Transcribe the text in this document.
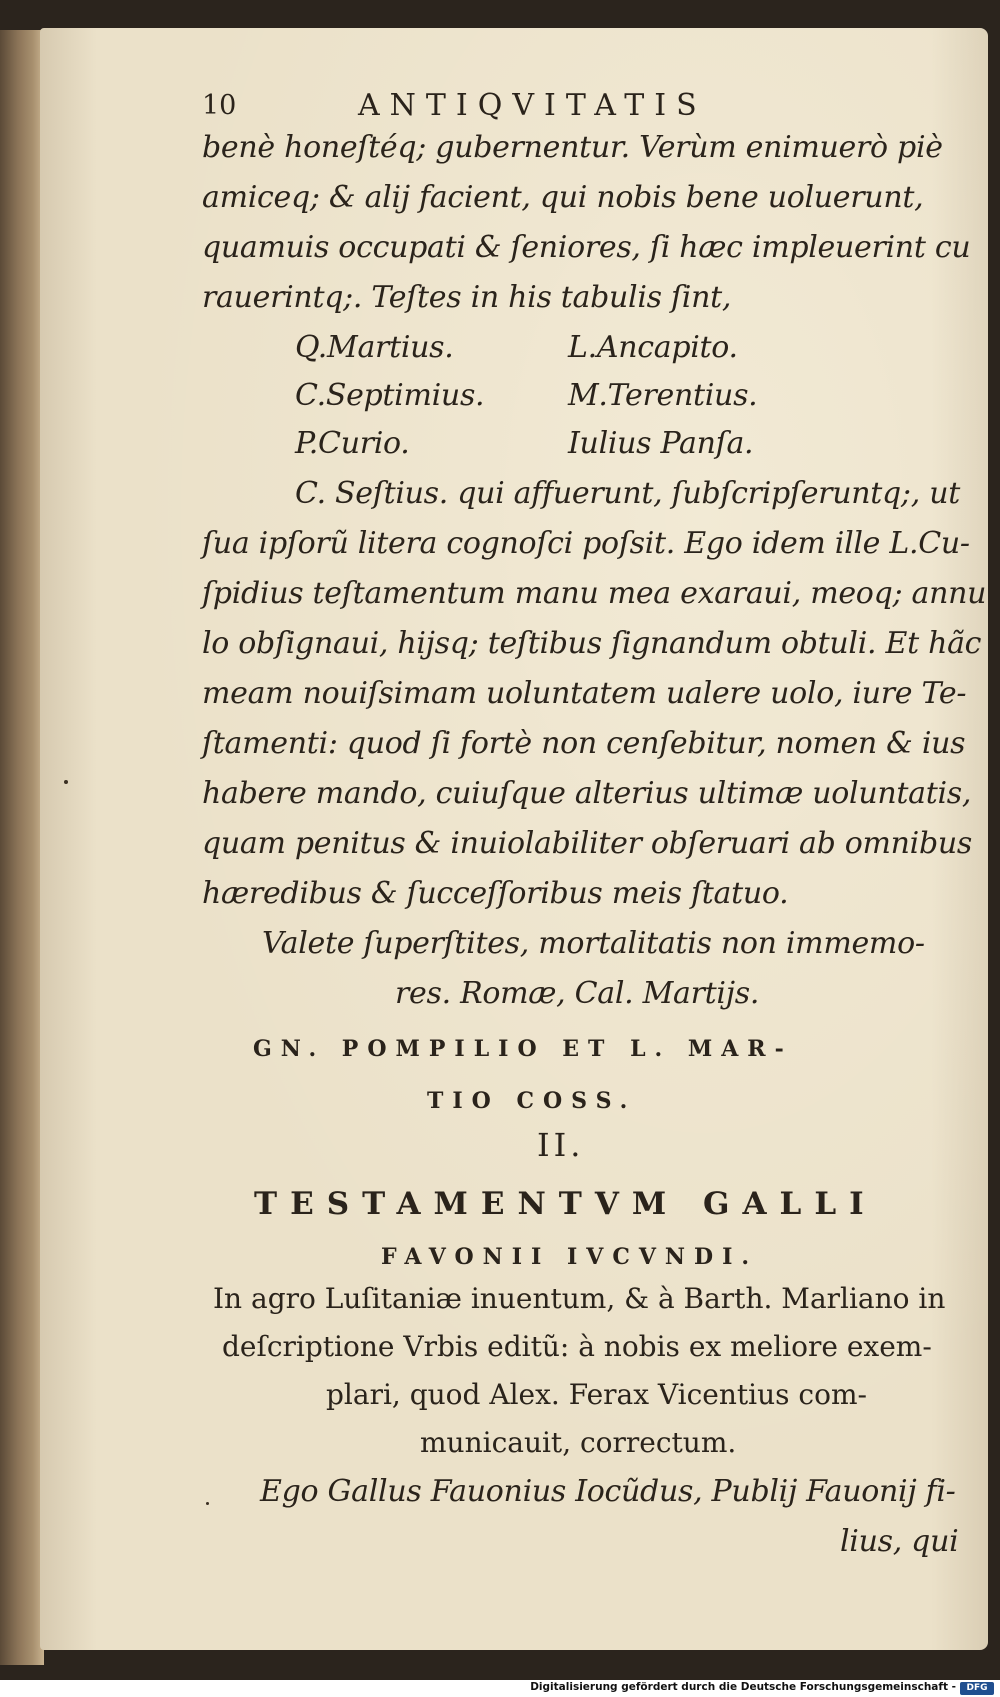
10	ANTIQVITATIS
benè honeſtéq; gubernentur. Verùm enimuerò piè
amiceq; & alij facient, qui nobis bene uoluerunt,
quamuis occupati & ſeniores, ſi hæc impleuerint cu
rauerintq;. Teſtes in his tabulis ſint,
Q.Martius.	L.Ancapito.
C.Septimius.	M.Terentius.
P.Curio.	Iulius Panſa.
C. Seſtius. qui affuerunt, ſubſcripſeruntq;, ut
ſua ipſorũ litera cognoſci poſsit. Ego idem ille L.Cu-
ſpidius teſtamentum manu mea exaraui, meoq; annu
lo obſignaui, hijsq; teſtibus ſignandum obtuli. Et hãc
meam nouiſsimam uoluntatem ualere uolo, iure Te-
ſtamenti: quod ſi fortè non cenſebitur, nomen & ius
habere mando, cuiuſque alterius ultimæ uoluntatis,
quam penitus & inuiolabiliter obſeruari ab omnibus
hæredibus & ſucceſſoribus meis ſtatuo.
Valete ſuperſtites, mortalitatis non immemo-
res. Romæ, Cal. Martijs.
GN. POMPILIO ET L. MAR-
TIO COSS.
II.
TESTAMENTVM GALLI
FAVONII IVCVNDI.
In agro Luſitaniæ inuentum, & à Barth. Marliano in
deſcriptione Vrbis editũ: à nobis ex meliore exem-
plari, quod Alex. Ferax Vicentius com-
municauit, correctum.
Ego Gallus Fauonius Iocũdus, Publij Fauonij fi-
lius, qui
Digitalisierung gefördert durch die Deutsche Forschungsgemeinschaft -	DFG
